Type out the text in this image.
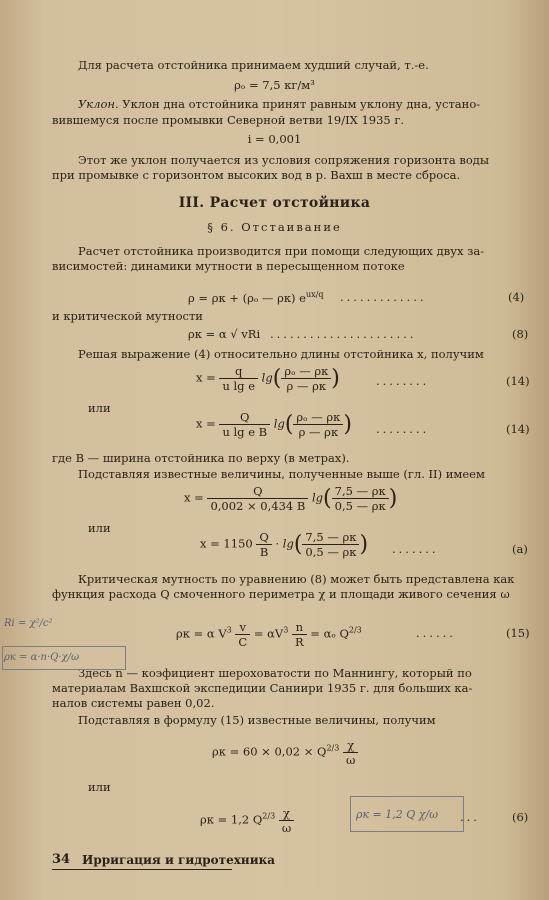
Для расчета отстойника принимаем худший случай, т.-е.
ρₒ = 7,5 кг/м³
Уклон. Уклон дна отстойника принят равным уклону дна, устано-
вившемуся после промывки Северной ветви 19/IX 1935 г.
i = 0,001
Этот же уклон получается из условия сопряжения горизонта воды
при промывке с горизонтом высоких вод в р. Вахш в месте сброса.
III. Расчет отстойника
§ 6. Отстаивание
Расчет отстойника производится при помощи следующих двух за-
висимостей: динамики мутности в пересыщенном потоке
ρ = ρк + (ρₒ — ρк) $e^{ux/q}$ .............	(4)
и критической мутности
ρк = α √ vRi ......................	(8)
Решая выражение (4) относительно длины отстойника x, получим
$x = \frac{q}{\text{u lg e}} \lg( \frac{\text{ρₒ — ρк}}{\rho — \rho к}$ )	........	(14)
или
$x = \frac{Q}{\text{u lg e B}} \lg( \frac{\text{ρₒ — ρк}}{\rho — \rho к}$ ) ........	(14)
где B — ширина отстойника по верху (в метрах).
Подставляя известные величины, полученные выше (гл. II) имеем
$x = \frac{Q}{0,002 \times 0,434 B} \lg( \frac{7,5 — \rho к}{0,5 — \rho к}$ )
или
$x = 1150 \frac{Q}{B} \cdot \lg( \frac{7,5 — \rho к}{0,5 — \rho к}$ ) .......	(a)
Критическая мутность по уравнению (8) может быть представлена как
функция расхода Q смоченного периметра χ и площади живого сечения ω
ρк = α $V^3 \frac{v}{C} = \alpha V^3 \frac{n}{R} = \alpha_o$ $Q^{2/3}$	......	(15)
Здесь n — коэфициент шероховатости по Маннингу, который по
материалам Вахшской экспедиции Саниири 1935 г. для больших ка-
налов системы равен 0,02.
Подставляя в формулу (15) известные величины, получим
$\rho к = 60 \times 0,02 \times Q^{2/3} \frac{\chi}{\omega}$
или
ρк = 1,2 $Q^{2/3} \frac{\chi}{\omega}$	...	(6)
Ri = χ²/c²
ρк = α·n·Q·χ/ω
ρк = 1,2 Q χ/ω
34 Ирригация и гидротехника
